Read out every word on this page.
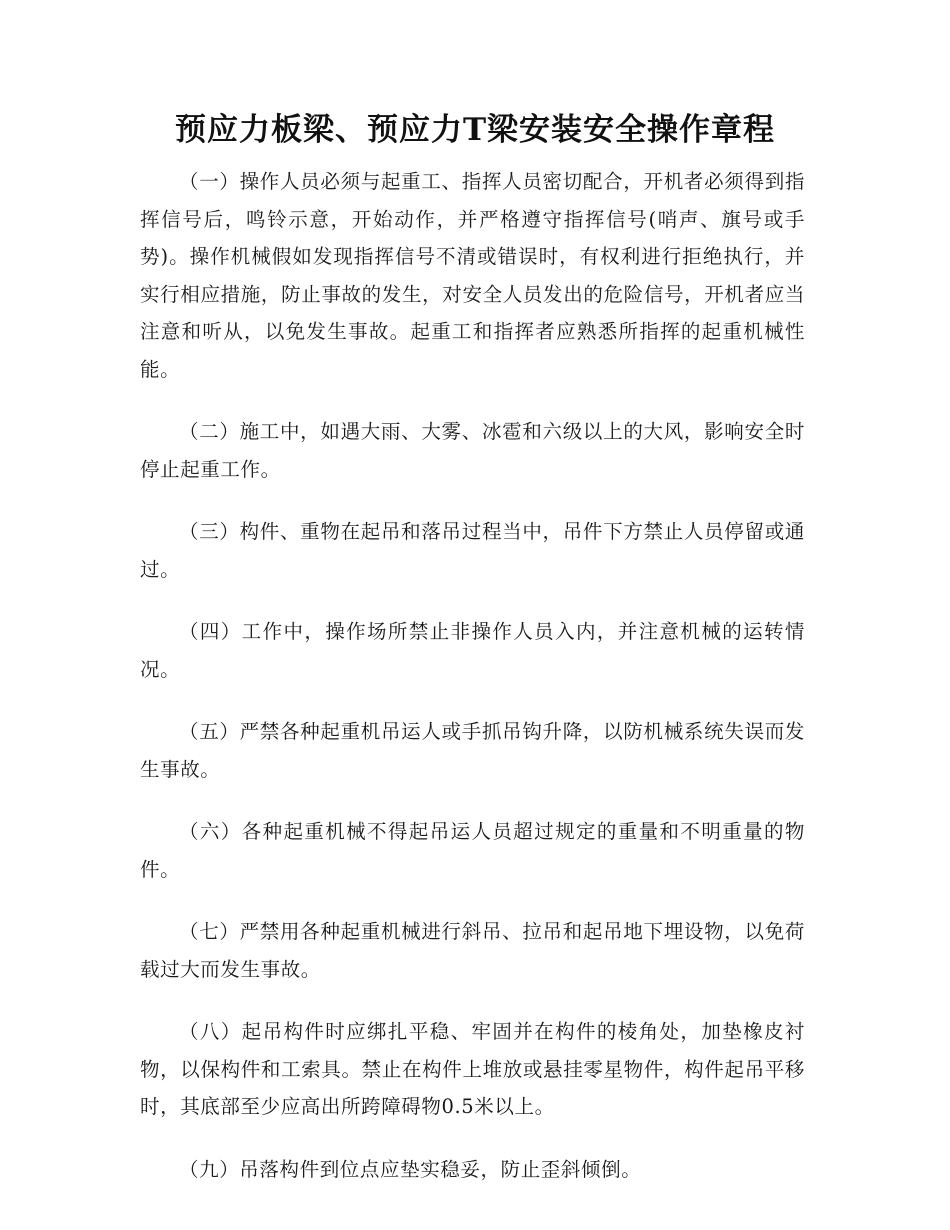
预应力板梁、预应力T梁安装安全操作章程

（一）操作人员必须与起重工、指挥人员密切配合，开机者必须得到指挥信号后，鸣铃示意，开始动作，并严格遵守指挥信号(哨声、旗号或手势)。操作机械假如发现指挥信号不清或错误时，有权利进行拒绝执行，并实行相应措施，防止事故的发生，对安全人员发出的危险信号，开机者应当注意和听从，以免发生事故。起重工和指挥者应熟悉所指挥的起重机械性能。

（二）施工中，如遇大雨、大雾、冰雹和六级以上的大风，影响安全时停止起重工作。

（三）构件、重物在起吊和落吊过程当中，吊件下方禁止人员停留或通过。

（四）工作中，操作场所禁止非操作人员入内，并注意机械的运转情况。

（五）严禁各种起重机吊运人或手抓吊钩升降，以防机械系统失误而发生事故。

（六）各种起重机械不得起吊运人员超过规定的重量和不明重量的物件。

（七）严禁用各种起重机械进行斜吊、拉吊和起吊地下埋设物，以免荷载过大而发生事故。

（八）起吊构件时应绑扎平稳、牢固并在构件的棱角处，加垫橡皮衬物，以保构件和工索具。禁止在构件上堆放或悬挂零星物件，构件起吊平移时，其底部至少应高出所跨障碍物0.5米以上。

（九）吊落构件到位点应垫实稳妥，防止歪斜倾倒。
